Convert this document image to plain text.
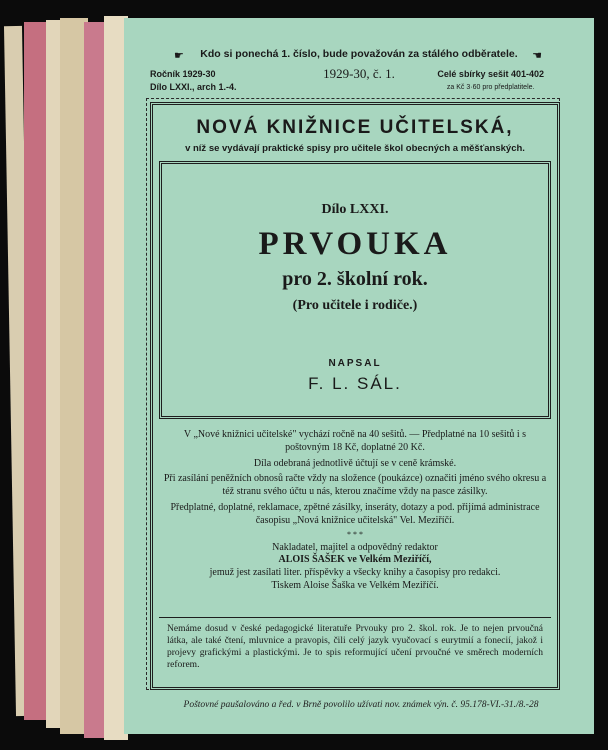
☛	Kdo si ponechá 1. číslo, bude považován za stálého odběratele.	☚
Ročník 1929-30
Dílo LXXI., arch 1.-4.
1929-30, č. 1.	Celé sbírky sešit 401-402
za Kč 3·60 pro předplatitele.
NOVÁ KNIŽNICE UČITELSKÁ,
v níž se vydávají praktické spisy pro učitele škol obecných a měšťanských.
Dílo LXXI.
PRVOUKA
pro 2. školní rok.
(Pro učitele i rodiče.)
NAPSAL
F. L. SÁL.

V „Nové knižnici učitelské" vychází ročně na 40 sešitů. — Předplatné na 10 sešitů i s poštovným 18 Kč, doplatné 20 Kč.

Díla odebraná jednotlivě účtují se v ceně krámské.

Při zasílání peněžních obnosů račte vždy na složence (poukázce) označiti jméno svého okresu a též stranu svého účtu u nás, kterou značíme vždy na pasce zásilky.

Předplatné, doplatné, reklamace, zpětné zásilky, inseráty, dotazy a pod. přijímá administrace časopisu „Nová knižnice učitelská" Vel. Meziříčí.

* * *

Nakladatel, majitel a odpovědný redaktor

ALOIS ŠAŠEK ve Velkém Meziříčí,

jemuž jest zasílati liter. příspěvky a všecky knihy a časopisy pro redakci.

Tiskem Aloise Šaška ve Velkém Meziříčí.

Nemáme dosud v české pedagogické literatuře Prvouky pro 2. škol. rok. Je to nejen prvoučná látka, ale také čtení, mluvnice a pravopis, čili celý jazyk vyučovací s eurytmií a fonecií, jakož i projevy grafickými a plastickými. Je to spis reformující učení prvoučné ve směrech moderních reforem.
Poštovné paušalováno a řed. v Brně povolilo užívati nov. známek výn. č. 95.178-VI.-31./8.-28
